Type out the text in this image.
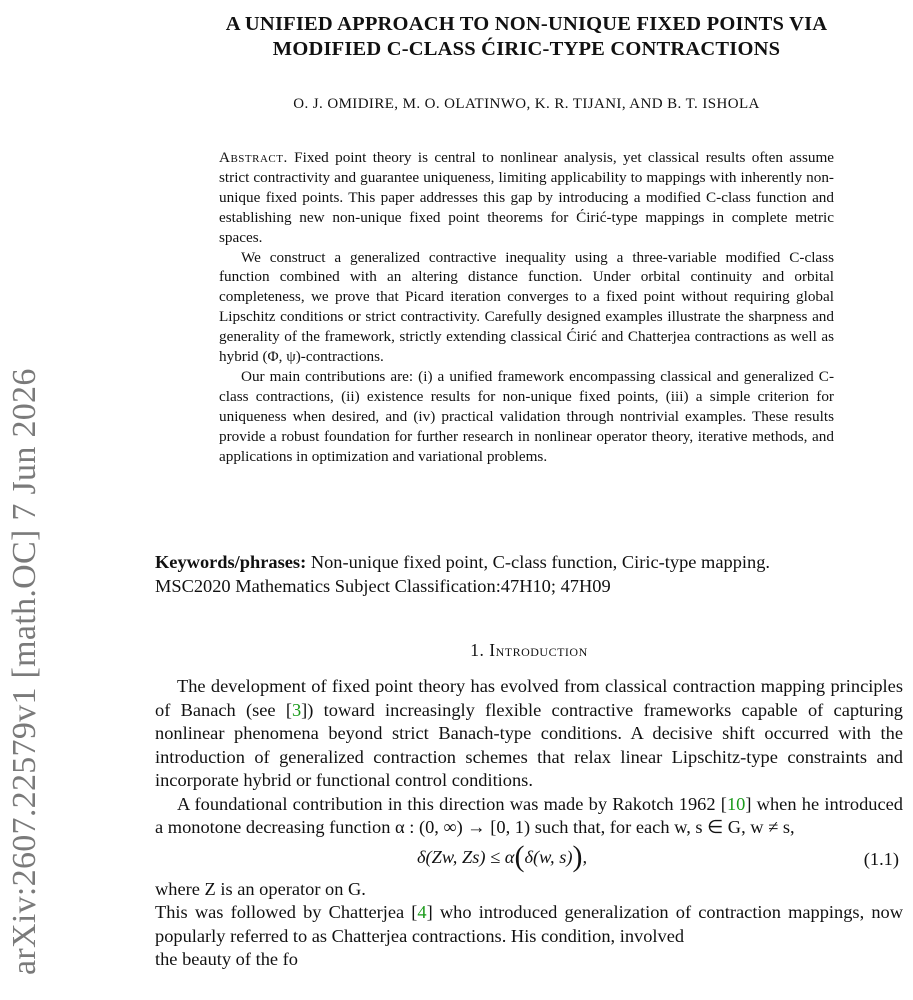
arXiv:2607.22579v1 [math.OC] 7 Jun 2026
A UNIFIED APPROACH TO NON-UNIQUE FIXED POINTS VIA
MODIFIED C-CLASS ĆIRIC-TYPE CONTRACTIONS
O. J. OMIDIRE, M. O. OLATINWO, K. R. TIJANI, AND B. T. ISHOLA

Abstract. Fixed point theory is central to nonlinear analysis, yet classical results often assume strict contractivity and guarantee uniqueness, limiting applicability to mappings with inherently non-unique fixed points. This paper addresses this gap by introducing a modified C-class function and establishing new non-unique fixed point theorems for Ćirić-type mappings in complete metric spaces.

We construct a generalized contractive inequality using a three-variable modified C-class function combined with an altering distance function. Under orbital continuity and orbital completeness, we prove that Picard iteration converges to a fixed point without requiring global Lipschitz conditions or strict contractivity. Carefully designed examples illustrate the sharpness and generality of the framework, strictly extending classical Ćirić and Chatterjea contractions as well as hybrid (Φ, ψ)-contractions.

Our main contributions are: (i) a unified framework encompassing classical and generalized C-class contractions, (ii) existence results for non-unique fixed points, (iii) a simple criterion for uniqueness when desired, and (iv) practical validation through nontrivial examples. These results provide a robust foundation for further research in nonlinear operator theory, iterative methods, and applications in optimization and variational problems.

Keywords/phrases: Non-unique fixed point, C-class function, Ciric-type mapping.

MSC2020 Mathematics Subject Classification:47H10; 47H09

1. Introduction

The development of fixed point theory has evolved from classical contraction mapping principles of Banach (see [3]) toward increasingly flexible contractive frameworks capable of capturing nonlinear phenomena beyond strict Banach-type conditions. A decisive shift occurred with the introduction of generalized contraction schemes that relax linear Lipschitz-type constraints and incorporate hybrid or functional control conditions.

A foundational contribution in this direction was made by Rakotch 1962 [10] when he introduced a monotone decreasing function α : (0, ∞) → [0, 1) such that, for each w, s ∈ G, w ≠ s,

δ(Zw, Zs) ≤ α(δ(w, s)),	(1.1)

where Z is an operator on G.

This was followed by Chatterjea [4] who introduced generalization of contraction mappings, now popularly referred to as Chatterjea contractions. His condition, involved

the beauty of the fo
